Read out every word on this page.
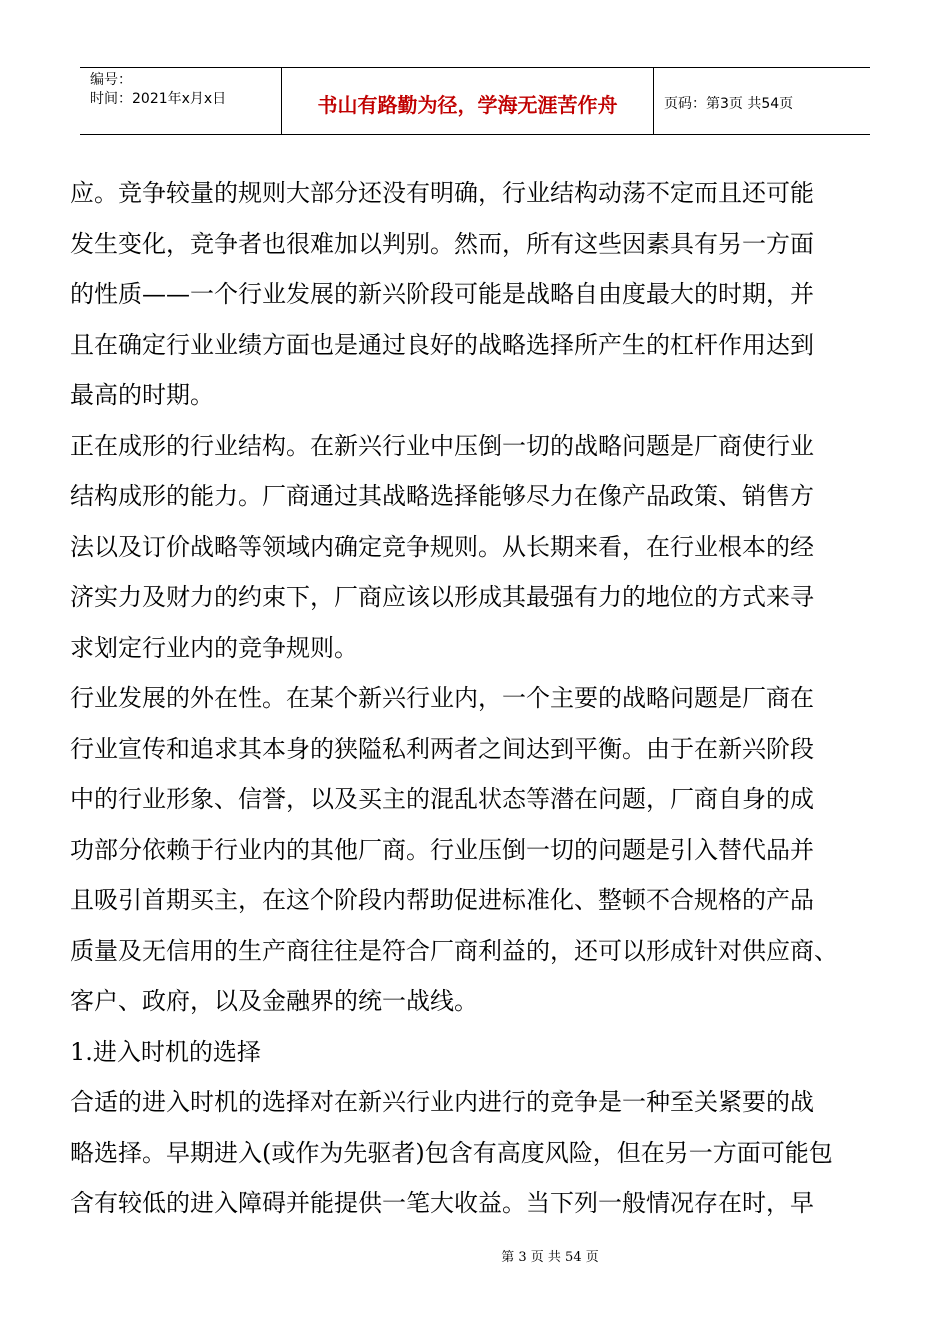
编号：
时间：2021年x月x日	书山有路勤为径，学海无涯苦作舟	页码：第3页 共54页

应。竞争较量的规则大部分还没有明确，行业结构动荡不定而且还可能

发生变化，竞争者也很难加以判别。然而，所有这些因素具有另一方面

的性质——一个行业发展的新兴阶段可能是战略自由度最大的时期，并

且在确定行业业绩方面也是通过良好的战略选择所产生的杠杆作用达到

最高的时期。

正在成形的行业结构。在新兴行业中压倒一切的战略问题是厂商使行业

结构成形的能力。厂商通过其战略选择能够尽力在像产品政策、销售方

法以及订价战略等领域内确定竞争规则。从长期来看，在行业根本的经

济实力及财力的约束下，厂商应该以形成其最强有力的地位的方式来寻

求划定行业内的竞争规则。

行业发展的外在性。在某个新兴行业内，一个主要的战略问题是厂商在

行业宣传和追求其本身的狭隘私利两者之间达到平衡。由于在新兴阶段

中的行业形象、信誉，以及买主的混乱状态等潜在问题，厂商自身的成

功部分依赖于行业内的其他厂商。行业压倒一切的问题是引入替代品并

且吸引首期买主，在这个阶段内帮助促进标准化、整顿不合规格的产品

质量及无信用的生产商往往是符合厂商利益的，还可以形成针对供应商、

客户、政府，以及金融界的统一战线。

1.进入时机的选择

合适的进入时机的选择对在新兴行业内进行的竞争是一种至关紧要的战

略选择。早期进入(或作为先驱者)包含有高度风险，但在另一方面可能包

含有较低的进入障碍并能提供一笔大收益。当下列一般情况存在时，早

第 3 页 共 54 页
